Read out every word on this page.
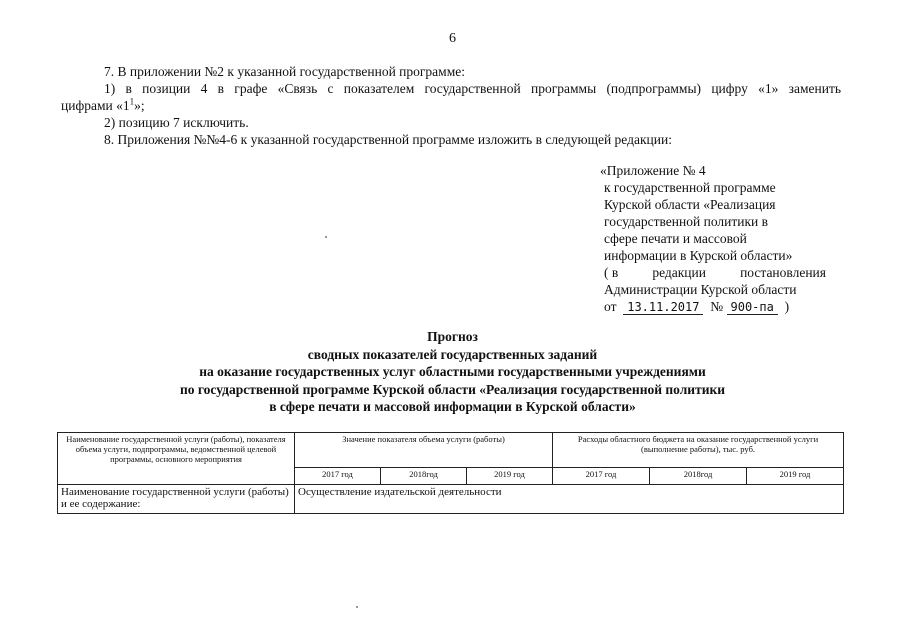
6
7. В приложении №2 к указанной государственной программе:
1) в позиции 4 в графе «Связь с показателем государственной программы (подпрограммы) цифру «1» заменить
цифрами «$1^1$»;
2) позицию 7 исключить.
8. Приложения №№4-6 к указанной государственной программе изложить в следующей редакции:
«Приложение № 4
к государственной программе
Курской области «Реализация
государственной политики в
сфере печати и массовой
информации в Курской области»
( в	редакции	постановления
Администрации Курской области
от 13.11.2017 № 900-па )
Прогноз
сводных показателей государственных заданий
на оказание государственных услуг областными государственными учреждениями
по государственной программе Курской области «Реализация государственной политики
в сфере печати и массовой информации в Курской области»
Наименование государственной услуги (работы), показателя объема услуги, подпрограммы, ведомственной целевой программы, основного мероприятия	Значение показателя объема услуги (работы)			Расходы областного бюджета на оказание государственной услуги (выполнение работы), тыс. руб.		
	2017 год	2018год	2019 год	2017 год	2018год	2019 год
Наименование государственной услуги (работы) и ее содержание:	Осуществление издательской деятельности					
